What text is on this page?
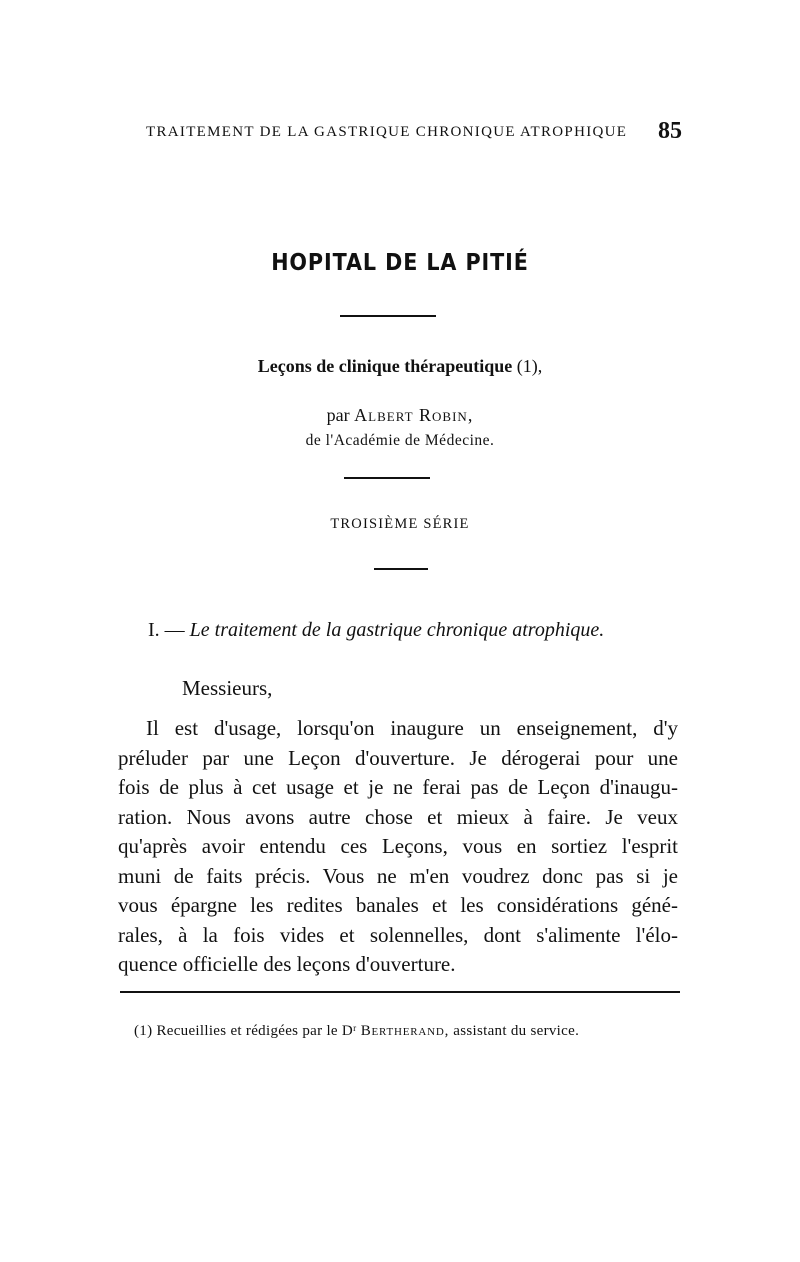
TRAITEMENT DE LA GASTRIQUE CHRONIQUE ATROPHIQUE 85
HOPITAL DE LA PITIÉ
Leçons de clinique thérapeutique (1),
par Albert Robin,
de l'Académie de Médecine.
TROISIÈME SÉRIE
I. — Le traitement de la gastrique chronique atrophique.
Messieurs,
Il est d'usage, lorsqu'on inaugure un enseignement, d'y
préluder par une Leçon d'ouverture. Je dérogerai pour une
fois de plus à cet usage et je ne ferai pas de Leçon d'inaugu-
ration. Nous avons autre chose et mieux à faire. Je veux
qu'après avoir entendu ces Leçons, vous en sortiez l'esprit
muni de faits précis. Vous ne m'en voudrez donc pas si je
vous épargne les redites banales et les considérations géné-
rales, à la fois vides et solennelles, dont s'alimente l'élo-
quence officielle des leçons d'ouverture.
(1) Recueillies et rédigées par le Dʳ Bertherand, assistant du service.
